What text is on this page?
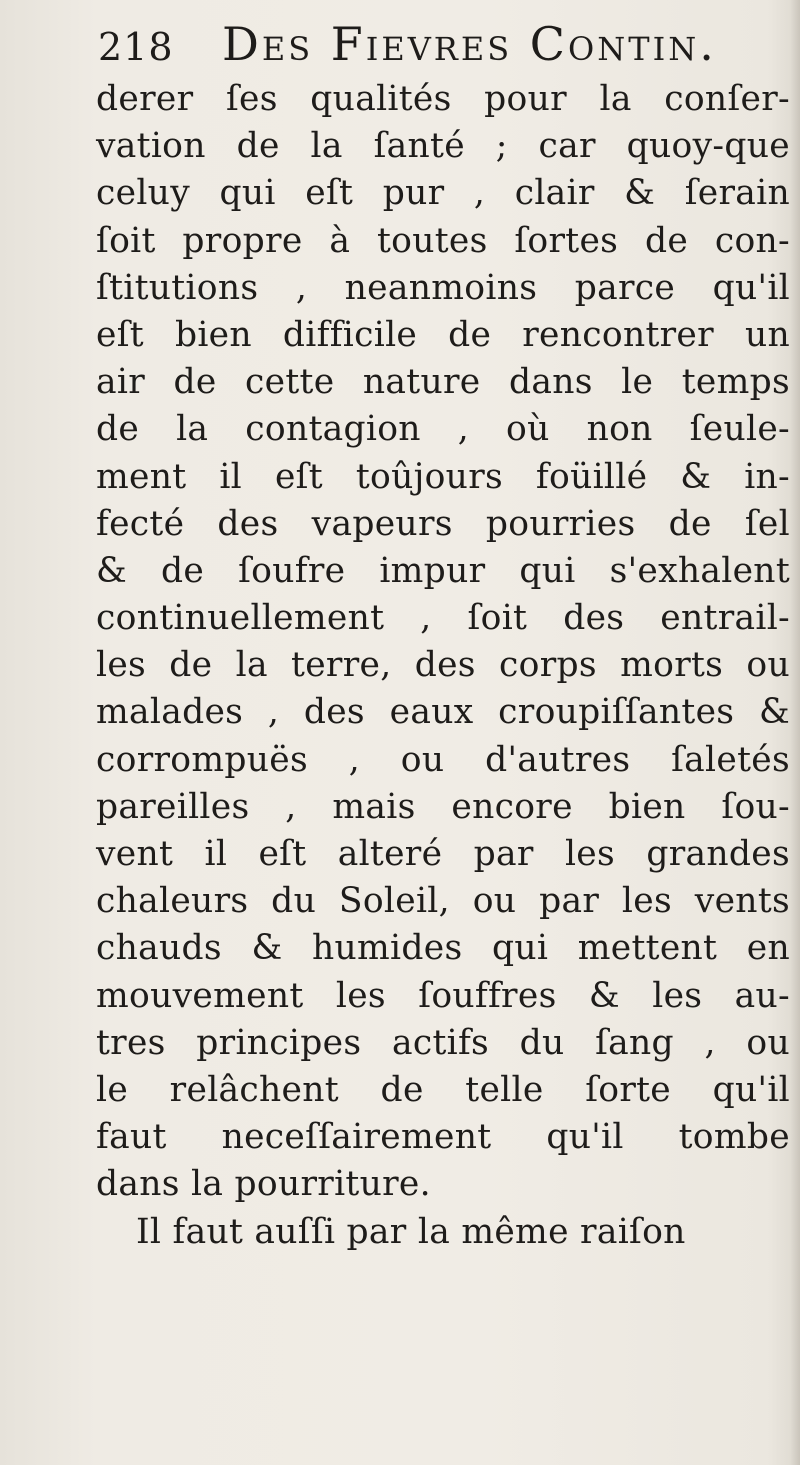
218 Des Fievres Contin.
derer ſes qualités pour la conſer-
vation de la ſanté ; car quoy-que
celuy qui eſt pur , clair & ſerain
ſoit propre à toutes ſortes de con-
ſtitutions , neanmoins parce qu'il
eſt bien difficile de rencontrer un
air de cette nature dans le temps
de la contagion , où non ſeule-
ment il eſt toûjours foüillé & in-
fecté des vapeurs pourries de ſel
& de ſoufre impur qui s'exhalent
continuellement , ſoit des entrail-
les de la terre, des corps morts ou
malades , des eaux croupiſſantes &
corrompuës , ou d'autres ſaletés
pareilles , mais encore bien ſou-
vent il eſt alteré par les grandes
chaleurs du Soleil, ou par les vents
chauds & humides qui mettent en
mouvement les ſouffres & les au-
tres principes actifs du ſang , ou
le relâchent de telle ſorte qu'il
faut neceſſairement qu'il tombe
dans la pourriture.
Il faut auſſi par la même raiſon
